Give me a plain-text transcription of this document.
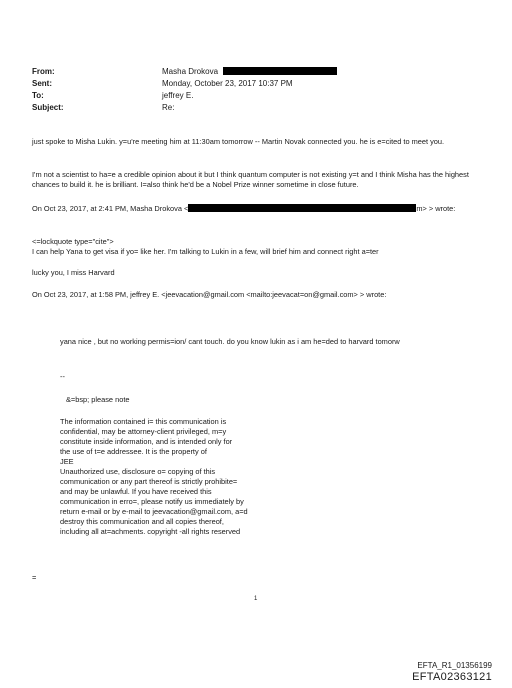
From:	Masha Drokova
Sent:	Monday, October 23, 2017 10:37 PM
To:	jeffrey E.
Subject:	Re:
just spoke to Misha Lukin. y=u're meeting him at 11:30am tomorrow -- Martin Novak connected you. he is e=cited to meet you.
I'm not a scientist to ha=e a credible opinion about it but I think quantum computer is not existing y=t and I think Misha has the highest chances to build it. he is brilliant. I=also think he'd be a Nobel Prize winner sometime in close future.
On Oct 23, 2017, at 2:41 PM, Masha Drokova <	m> > wrote:
<=lockquote type="cite">
I can help Yana to get visa if yo= like her. I'm talking to Lukin in a few, will brief him and connect right a=ter
lucky you, I miss Harvard
On Oct 23, 2017, at 1:58 PM, jeffrey E. <jeevacation@gmail.com <mailto:jeevacat=on@gmail.com> > wrote:
yana nice , but no working permis=ion/ cant touch. do you know lukin as i am he=ded to harvard tomorw
--
&=bsp; please note
The information contained i= this communication is
confidential, may be attorney-client privileged, m=y
constitute inside information, and is intended only for
the use of t=e addressee. It is the property of
JEE
Unauthorized use, disclosure o= copying of this
communication or any part thereof is strictly prohibite=
and may be unlawful. If you have received this
communication in erro=, please notify us immediately by
return e-mail or by e-mail to jeevacation@gmail.com, a=d
destroy this communication and all copies thereof,
including all at=achments. copyright -all rights reserved
=
1
EFTA_R1_01356199
EFTA02363121
